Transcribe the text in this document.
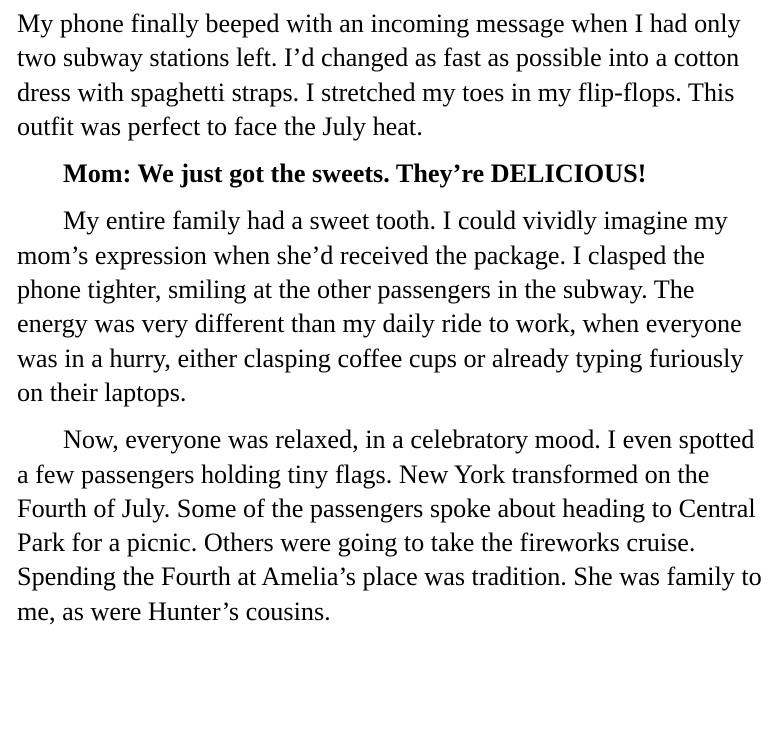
My phone finally beeped with an incoming message when I had only two subway stations left. I’d changed as fast as possible into a cotton dress with spaghetti straps. I stretched my toes in my flip-flops. This outfit was perfect to face the July heat.

Mom: We just got the sweets. They’re DELICIOUS!

My entire family had a sweet tooth. I could vividly imagine my mom’s expression when she’d received the package. I clasped the phone tighter, smiling at the other passengers in the subway. The energy was very different than my daily ride to work, when everyone was in a hurry, either clasping coffee cups or already typing furiously on their laptops.

Now, everyone was relaxed, in a celebratory mood. I even spotted a few passengers holding tiny flags. New York transformed on the Fourth of July. Some of the passengers spoke about heading to Central Park for a picnic. Others were going to take the fireworks cruise. Spending the Fourth at Amelia’s place was tradition. She was family to me, as were Hunter’s cousins.
